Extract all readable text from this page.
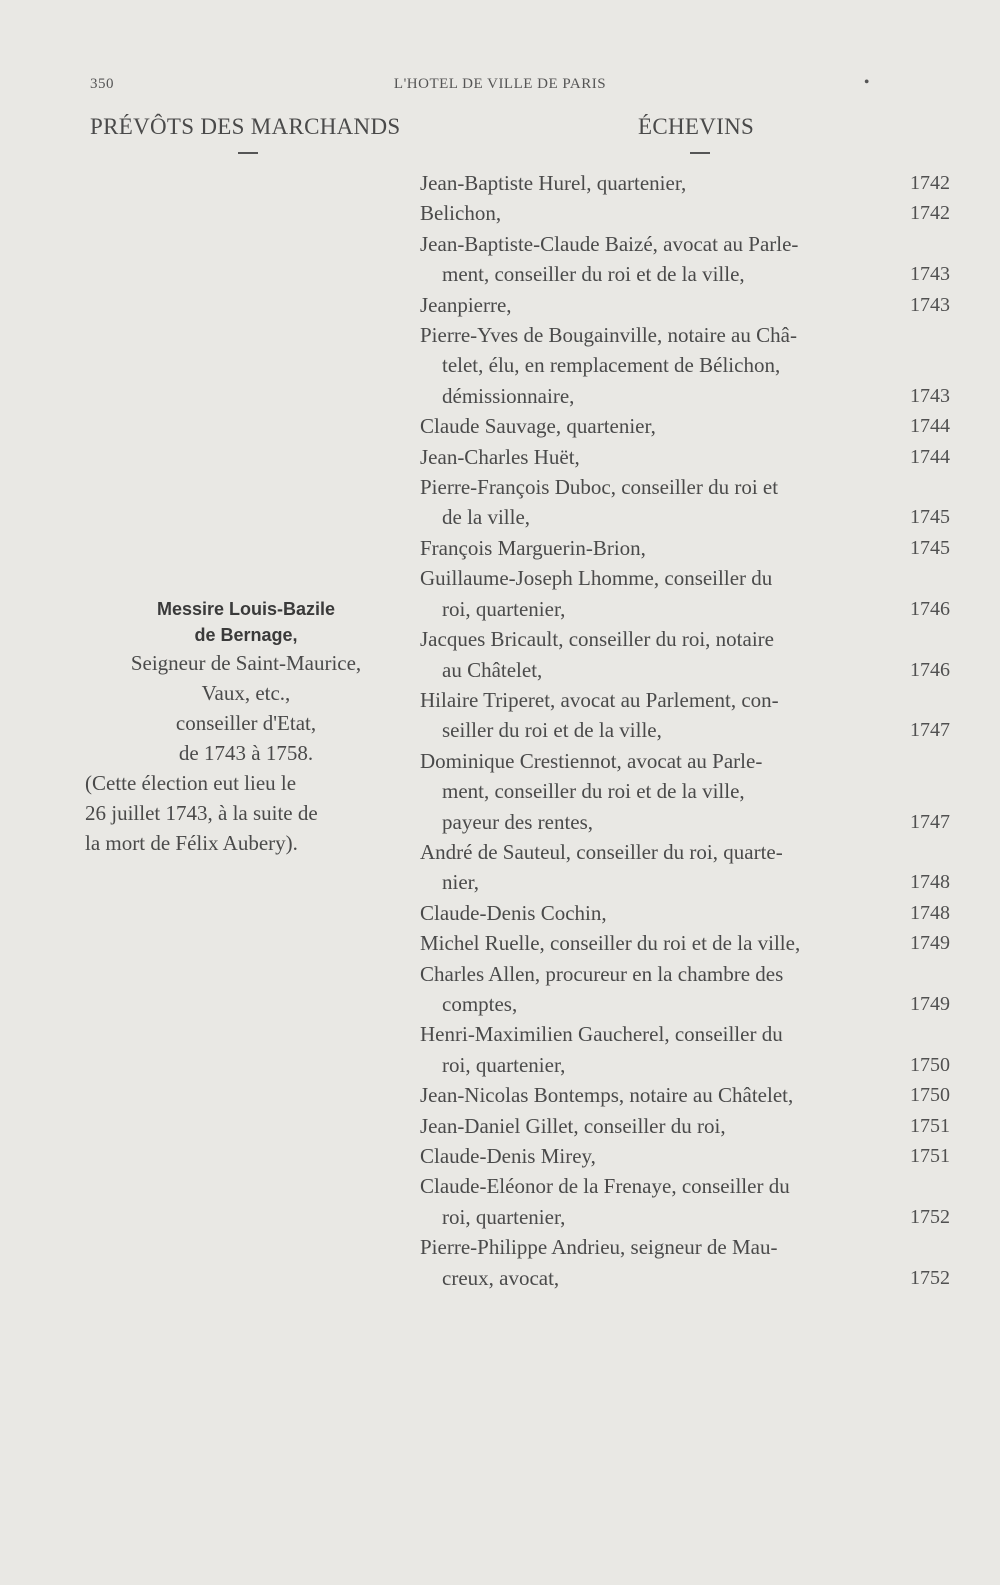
350	L'HOTEL DE VILLE DE PARIS	•
PRÉVÔTS DES MARCHANDS	ÉCHEVINS
Messire Louis-Bazile
de Bernage,
Seigneur de Saint-Maurice,
Vaux, etc.,
conseiller d'Etat,
de 1743 à 1758.
(Cette élection eut lieu le
26 juillet 1743, à la suite de
la mort de Félix Aubery).
Jean-Baptiste Hurel, quartenier,	1742
Belichon,	1742
Jean-Baptiste-Claude Baizé, avocat au Parle-
ment, conseiller du roi et de la ville,	1743
Jeanpierre,	1743
Pierre-Yves de Bougainville, notaire au Châ-
telet, élu, en remplacement de Bélichon,
démissionnaire,	1743
Claude Sauvage, quartenier,	1744
Jean-Charles Huët,	1744
Pierre-François Duboc, conseiller du roi et
de la ville,	1745
François Marguerin-Brion,	1745
Guillaume-Joseph Lhomme, conseiller du
roi, quartenier,	1746
Jacques Bricault, conseiller du roi, notaire
au Châtelet,	1746
Hilaire Triperet, avocat au Parlement, con-
seiller du roi et de la ville,	1747
Dominique Crestiennot, avocat au Parle-
ment, conseiller du roi et de la ville,
payeur des rentes,	1747
André de Sauteul, conseiller du roi, quarte-
nier,	1748
Claude-Denis Cochin,	1748
Michel Ruelle, conseiller du roi et de la ville,	1749
Charles Allen, procureur en la chambre des
comptes,	1749
Henri-Maximilien Gaucherel, conseiller du
roi, quartenier,	1750
Jean-Nicolas Bontemps, notaire au Châtelet,	1750
Jean-Daniel Gillet, conseiller du roi,	1751
Claude-Denis Mirey,	1751
Claude-Eléonor de la Frenaye, conseiller du
roi, quartenier,	1752
Pierre-Philippe Andrieu, seigneur de Mau-
creux, avocat,	1752
